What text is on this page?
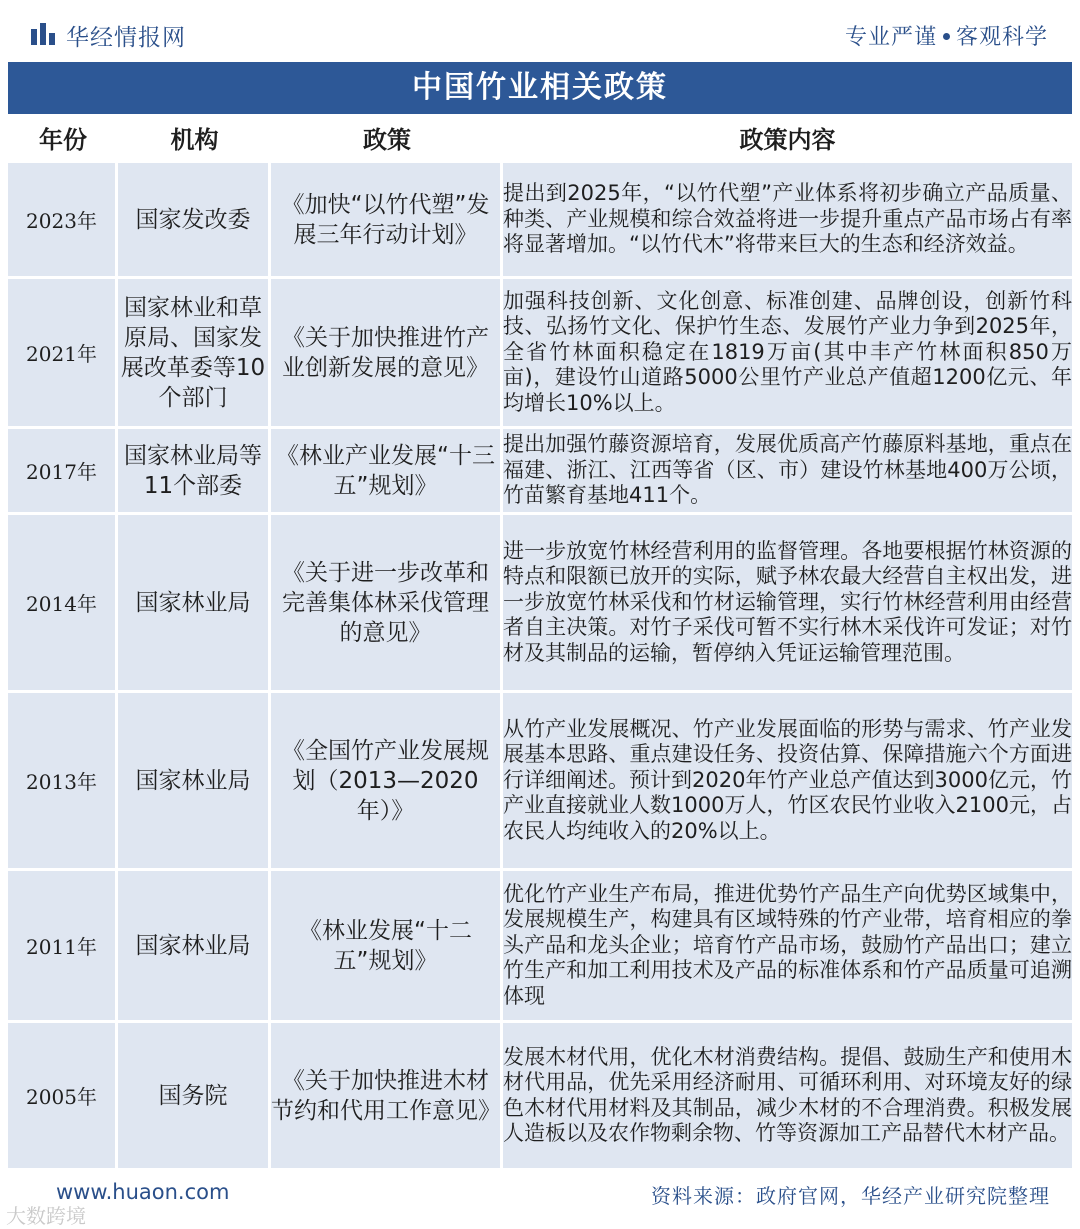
华经情报网	专业严谨 客观科学
中国竹业相关政策
年份	机构	政策	政策内容
2023年	国家发改委	《加快“以竹代塑”发展三年行动计划》	提出到2025年，“以竹代塑”产业体系将初步确立产品质量、种类、产业规模和综合效益将进一步提升重点产品市场占有率将显著增加。“以竹代木”将带来巨大的生态和经济效益。
2021年	国家林业和草原局、国家发展改革委等10个部门	《关于加快推进竹产业创新发展的意见》	加强科技创新、文化创意、标准创建、品牌创设，创新竹科技、弘扬竹文化、保护竹生态、发展竹产业力争到2025年，全省竹林面积稳定在1819万亩(其中丰产竹林面积850万亩)，建设竹山道路5000公里竹产业总产值超1200亿元、年均增长10%以上。
2017年	国家林业局等11个部委	《林业产业发展“十三五”规划》	提出加强竹藤资源培育，发展优质高产竹藤原料基地，重点在福建、浙江、江西等省（区、市）建设竹林基地400万公顷，竹苗繁育基地411个。
2014年	国家林业局	《关于进一步改革和完善集体林采伐管理的意见》	进一步放宽竹林经营利用的监督管理。各地要根据竹林资源的特点和限额已放开的实际，赋予林农最大经营自主权出发，进一步放宽竹林采伐和竹材运输管理，实行竹林经营利用由经营者自主决策。对竹子采伐可暂不实行林木采伐许可发证；对竹材及其制品的运输，暂停纳入凭证运输管理范围。
2013年	国家林业局	《全国竹产业发展规划（2013—2020年）》	从竹产业发展概况、竹产业发展面临的形势与需求、竹产业发展基本思路、重点建设任务、投资估算、保障措施六个方面进行详细阐述。预计到2020年竹产业总产值达到3000亿元，竹产业直接就业人数1000万人，竹区农民竹业收入2100元，占农民人均纯收入的20%以上。
2011年	国家林业局	《林业发展“十二五”规划》	优化竹产业生产布局，推进优势竹产品生产向优势区域集中，发展规模生产，构建具有区域特殊的竹产业带，培育相应的拳头产品和龙头企业；培育竹产品市场，鼓励竹产品出口；建立竹生产和加工利用技术及产品的标准体系和竹产品质量可追溯体现
2005年	国务院	《关于加快推进木材节约和代用工作意见》	发展木材代用，优化木材消费结构。提倡、鼓励生产和使用木材代用品，优先采用经济耐用、可循环利用、对环境友好的绿色木材代用材料及其制品，减少木材的不合理消费。积极发展人造板以及农作物剩余物、竹等资源加工产品替代木材产品。
www.huaon.com	资料来源：政府官网，华经产业研究院整理
大数跨境
